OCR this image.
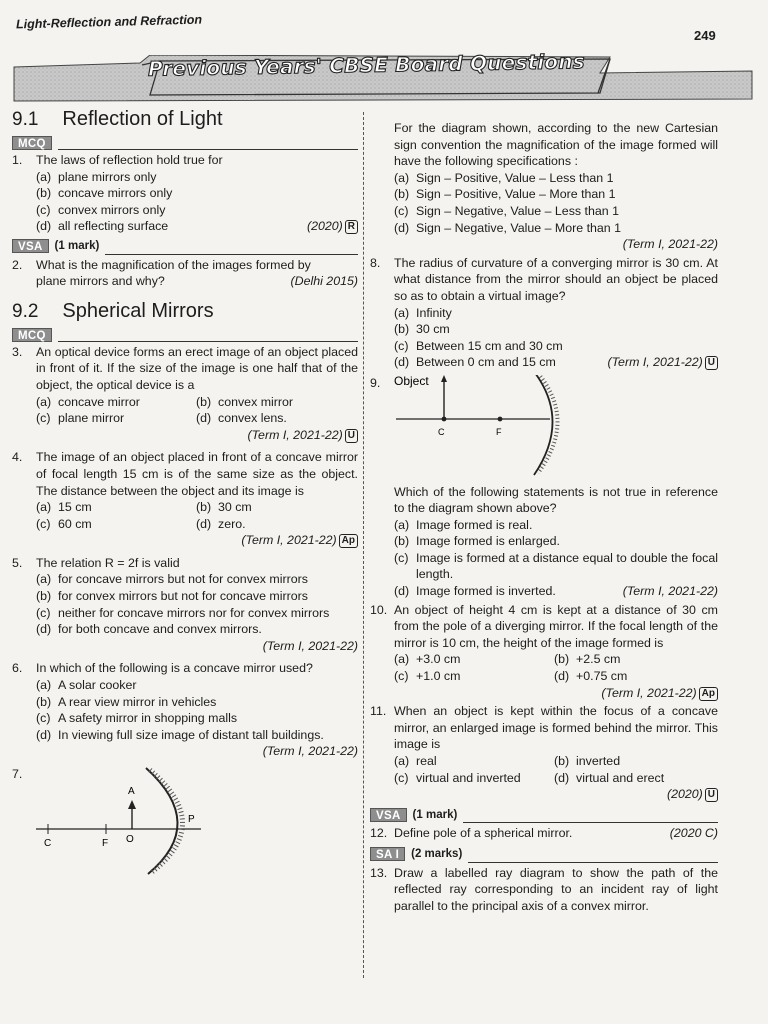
Light-Reflection and Refraction
249
Previous Years' CBSE Board Questions
9.1 Reflection of Light
MCQ
1.	The laws of reflection hold true for
(a) plane mirrors only
(b) concave mirrors only
(c) convex mirrors only
(d) all reflecting surface	(2020) R
VSA	(1 mark)
2.	What is the magnification of the images formed by
plane mirrors and why?	(Delhi 2015)
9.2 Spherical Mirrors
MCQ
3.	An optical device forms an erect image of an object placed in front of it. If the size of the image is one half that of the object, the optical device is a
(a) concave mirror	(b) convex mirror
(c) plane mirror	(d) convex lens.
(Term I, 2021-22) U
4.	The image of an object placed in front of a concave mirror of focal length 15 cm is of the same size as the object. The distance between the object and its image is
(a) 15 cm	(b) 30 cm
(c) 60 cm	(d) zero.
(Term I, 2021-22) Ap
5.	The relation R = 2f is valid
(a) for concave mirrors but not for convex mirrors
(b) for convex mirrors but not for concave mirrors
(c) neither for concave mirrors nor for convex mirrors
(d) for both concave and convex mirrors.
(Term I, 2021-22)
6.	In which of the following is a concave mirror used?
(a) A solar cooker
(b) A rear view mirror in vehicles
(c) A safety mirror in shopping malls
(d) In viewing full size image of distant tall buildings.
(Term I, 2021-22)
7.
A
C	F O
P
For the diagram shown, according to the new Cartesian sign convention the magnification of the image formed will have the following specifications :
(a) Sign – Positive, Value – Less than 1
(b) Sign – Positive, Value – More than 1
(c) Sign – Negative, Value – Less than 1
(d) Sign – Negative, Value – More than 1
(Term I, 2021-22)
8.	The radius of curvature of a converging mirror is 30 cm. At what distance from the mirror should an object be placed so as to obtain a virtual image?
(a) Infinity
(b) 30 cm
(c) Between 15 cm and 30 cm
(d) Between 0 cm and 15 cm	(Term I, 2021-22) U
9.	Object
C	F
Which of the following statements is not true in reference to the diagram shown above?
(a) Image formed is real.
(b) Image formed is enlarged.
(c) Image is formed at a distance equal to double the focal length.
(d) Image formed is inverted.	(Term I, 2021-22)
10. An object of height 4 cm is kept at a distance of 30 cm from the pole of a diverging mirror. If the focal length of the mirror is 10 cm, the height of the image formed is
(a) +3.0 cm	(b) +2.5 cm
(c) +1.0 cm	(d) +0.75 cm
(Term I, 2021-22) Ap
11. When an object is kept within the focus of a concave mirror, an enlarged image is formed behind the mirror. This image is
(a) real	(b) inverted
(c) virtual and inverted	(d) virtual and erect
(2020) U
VSA	(1 mark)
12. Define pole of a spherical mirror.	(2020 C)
SA I	(2 marks)
13. Draw a labelled ray diagram to show the path of the reflected ray corresponding to an incident ray of light parallel to the principal axis of a convex mirror.
